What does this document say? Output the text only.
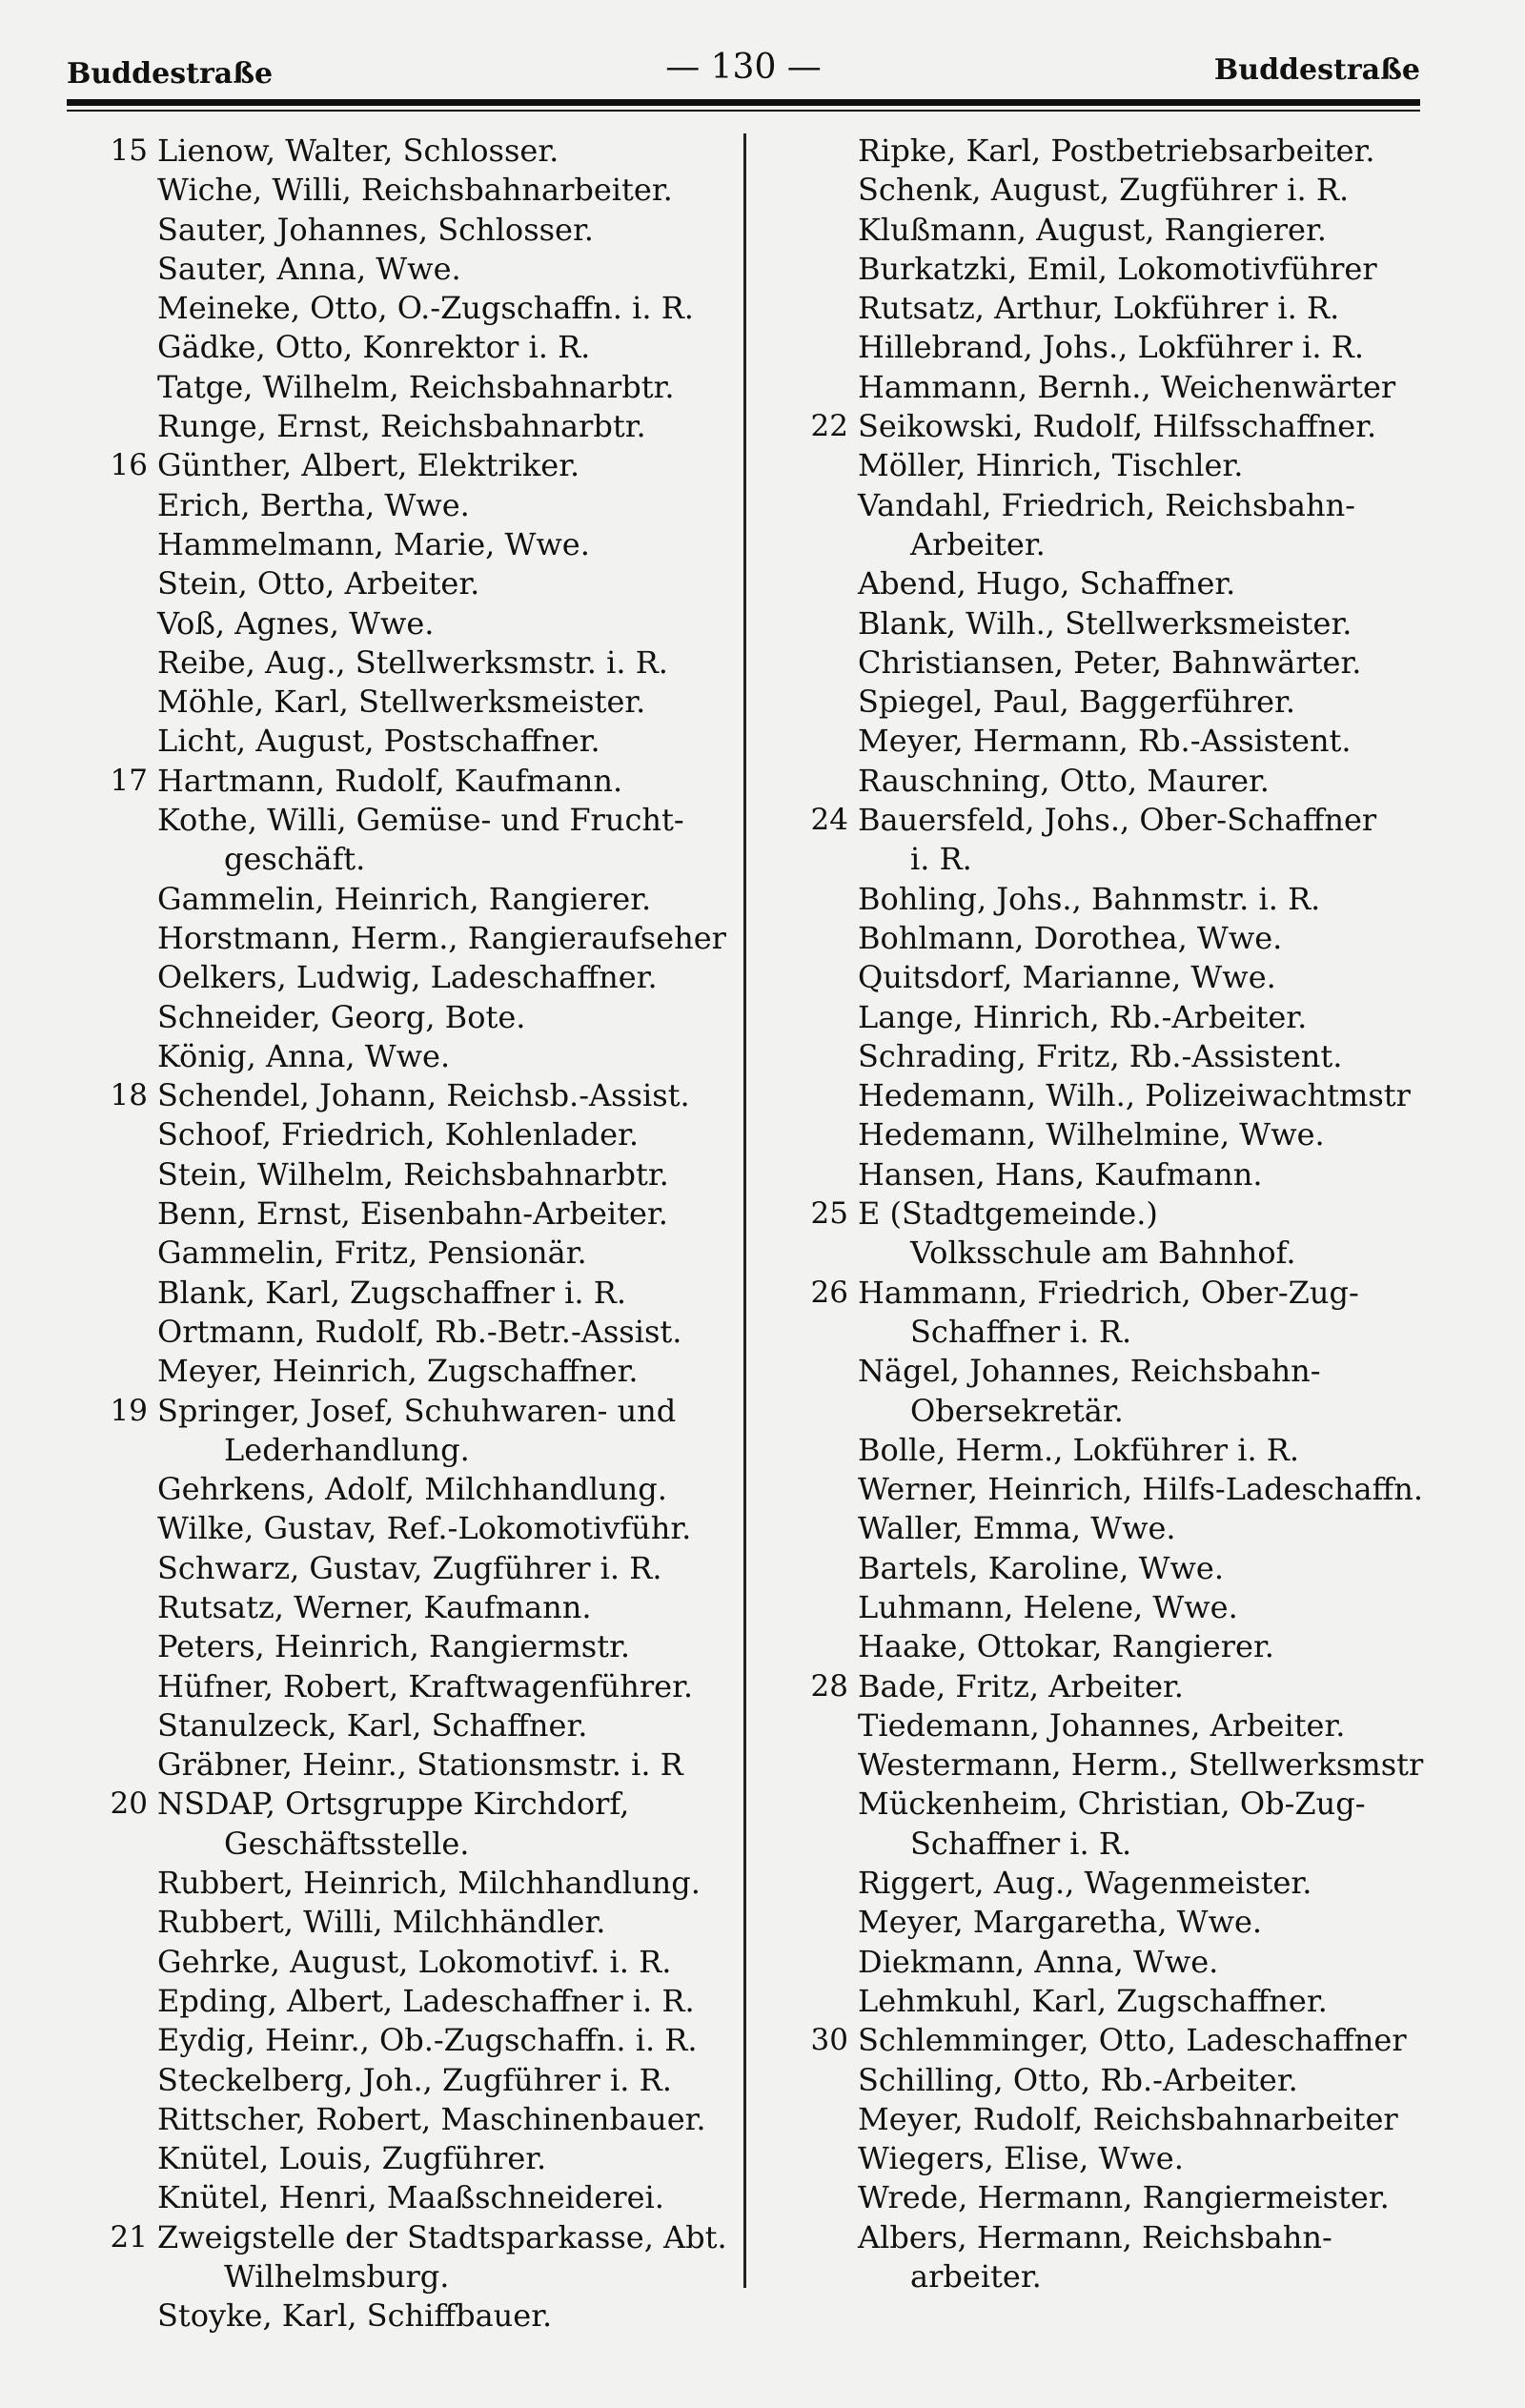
Buddestraße	— 130 —	Buddestraße
15 Lienow, Walter, Schlosser.
Wiche, Willi, Reichsbahnarbeiter.
Sauter, Johannes, Schlosser.
Sauter, Anna, Wwe.
Meineke, Otto, O.-Zugschaffn. i. R.
Gädke, Otto, Konrektor i. R.
Tatge, Wilhelm, Reichsbahnarbtr.
Runge, Ernst, Reichsbahnarbtr.
16 Günther, Albert, Elektriker.
Erich, Bertha, Wwe.
Hammelmann, Marie, Wwe.
Stein, Otto, Arbeiter.
Voß, Agnes, Wwe.
Reibe, Aug., Stellwerksmstr. i. R.
Möhle, Karl, Stellwerksmeister.
Licht, August, Postschaffner.
17 Hartmann, Rudolf, Kaufmann.
Kothe, Willi, Gemüse- und Frucht-
geschäft.
Gammelin, Heinrich, Rangierer.
Horstmann, Herm., Rangieraufseher
Oelkers, Ludwig, Ladeschaffner.
Schneider, Georg, Bote.
König, Anna, Wwe.
18 Schendel, Johann, Reichsb.-Assist.
Schoof, Friedrich, Kohlenlader.
Stein, Wilhelm, Reichsbahnarbtr.
Benn, Ernst, Eisenbahn-Arbeiter.
Gammelin, Fritz, Pensionär.
Blank, Karl, Zugschaffner i. R.
Ortmann, Rudolf, Rb.-Betr.-Assist.
Meyer, Heinrich, Zugschaffner.
19 Springer, Josef, Schuhwaren- und
Lederhandlung.
Gehrkens, Adolf, Milchhandlung.
Wilke, Gustav, Ref.-Lokomotivführ.
Schwarz, Gustav, Zugführer i. R.
Rutsatz, Werner, Kaufmann.
Peters, Heinrich, Rangiermstr.
Hüfner, Robert, Kraftwagenführer.
Stanulzeck, Karl, Schaffner.
Gräbner, Heinr., Stationsmstr. i. R
20 NSDAP, Ortsgruppe Kirchdorf,
Geschäftsstelle.
Rubbert, Heinrich, Milchhandlung.
Rubbert, Willi, Milchhändler.
Gehrke, August, Lokomotivf. i. R.
Epding, Albert, Ladeschaffner i. R.
Eydig, Heinr., Ob.-Zugschaffn. i. R.
Steckelberg, Joh., Zugführer i. R.
Rittscher, Robert, Maschinenbauer.
Knütel, Louis, Zugführer.
Knütel, Henri, Maaßschneiderei.
21 Zweigstelle der Stadtsparkasse, Abt.
Wilhelmsburg.
Stoyke, Karl, Schiffbauer.
Ripke, Karl, Postbetriebsarbeiter.
Schenk, August, Zugführer i. R.
Klußmann, August, Rangierer.
Burkatzki, Emil, Lokomotivführer
Rutsatz, Arthur, Lokführer i. R.
Hillebrand, Johs., Lokführer i. R.
Hammann, Bernh., Weichenwärter
22 Seikowski, Rudolf, Hilfsschaffner.
Möller, Hinrich, Tischler.
Vandahl, Friedrich, Reichsbahn-
Arbeiter.
Abend, Hugo, Schaffner.
Blank, Wilh., Stellwerksmeister.
Christiansen, Peter, Bahnwärter.
Spiegel, Paul, Baggerführer.
Meyer, Hermann, Rb.-Assistent.
Rauschning, Otto, Maurer.
24 Bauersfeld, Johs., Ober-Schaffner
i. R.
Bohling, Johs., Bahnmstr. i. R.
Bohlmann, Dorothea, Wwe.
Quitsdorf, Marianne, Wwe.
Lange, Hinrich, Rb.-Arbeiter.
Schrading, Fritz, Rb.-Assistent.
Hedemann, Wilh., Polizeiwachtmstr
Hedemann, Wilhelmine, Wwe.
Hansen, Hans, Kaufmann.
25 E (Stadtgemeinde.)
Volksschule am Bahnhof.
26 Hammann, Friedrich, Ober-Zug-
Schaffner i. R.
Nägel, Johannes, Reichsbahn-
Obersekretär.
Bolle, Herm., Lokführer i. R.
Werner, Heinrich, Hilfs-Ladeschaffn.
Waller, Emma, Wwe.
Bartels, Karoline, Wwe.
Luhmann, Helene, Wwe.
Haake, Ottokar, Rangierer.
28 Bade, Fritz, Arbeiter.
Tiedemann, Johannes, Arbeiter.
Westermann, Herm., Stellwerksmstr
Mückenheim, Christian, Ob-Zug-
Schaffner i. R.
Riggert, Aug., Wagenmeister.
Meyer, Margaretha, Wwe.
Diekmann, Anna, Wwe.
Lehmkuhl, Karl, Zugschaffner.
30 Schlemminger, Otto, Ladeschaffner
Schilling, Otto, Rb.-Arbeiter.
Meyer, Rudolf, Reichsbahnarbeiter
Wiegers, Elise, Wwe.
Wrede, Hermann, Rangiermeister.
Albers, Hermann, Reichsbahn-
arbeiter.
